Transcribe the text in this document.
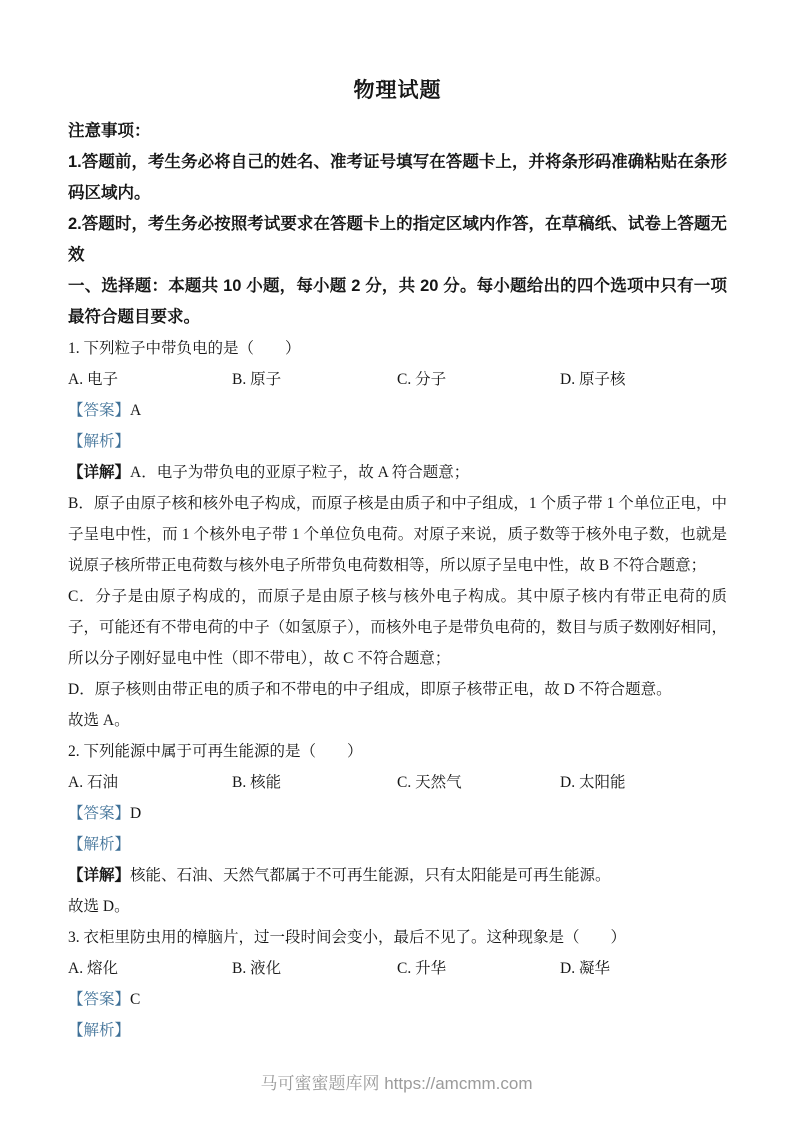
物理试题

注意事项：

1.答题前，考生务必将自己的姓名、准考证号填写在答题卡上，并将条形码准确粘贴在条形码区域内。

2.答题时，考生务必按照考试要求在答题卡上的指定区域内作答，在草稿纸、试卷上答题无效

一、选择题：本题共 10 小题，每小题 2 分，共 20 分。每小题给出的四个选项中只有一项最符合题目要求。

1. 下列粒子中带负电的是（　　）

A. 电子	B. 原子	C. 分子	D. 原子核

【答案】A

【解析】

【详解】A．电子为带负电的亚原子粒子，故 A 符合题意；

B．原子由原子核和核外电子构成，而原子核是由质子和中子组成，1 个质子带 1 个单位正电，中子呈电中性，而 1 个核外电子带 1 个单位负电荷。对原子来说，质子数等于核外电子数，也就是说原子核所带正电荷数与核外电子所带负电荷数相等，所以原子呈电中性，故 B 不符合题意；

C．分子是由原子构成的，而原子是由原子核与核外电子构成。其中原子核内有带正电荷的质子，可能还有不带电荷的中子（如氢原子），而核外电子是带负电荷的，数目与质子数刚好相同，所以分子刚好显电中性（即不带电），故 C 不符合题意；

D．原子核则由带正电的质子和不带电的中子组成，即原子核带正电，故 D 不符合题意。

故选 A。

2. 下列能源中属于可再生能源的是（　　）

A. 石油	B. 核能	C. 天然气	D. 太阳能

【答案】D

【解析】

【详解】核能、石油、天然气都属于不可再生能源，只有太阳能是可再生能源。

故选 D。

3. 衣柜里防虫用的樟脑片，过一段时间会变小，最后不见了。这种现象是（　　）

A. 熔化	B. 液化	C. 升华	D. 凝华

【答案】C

【解析】

马可蜜蜜题库网 https://amcmm.com
